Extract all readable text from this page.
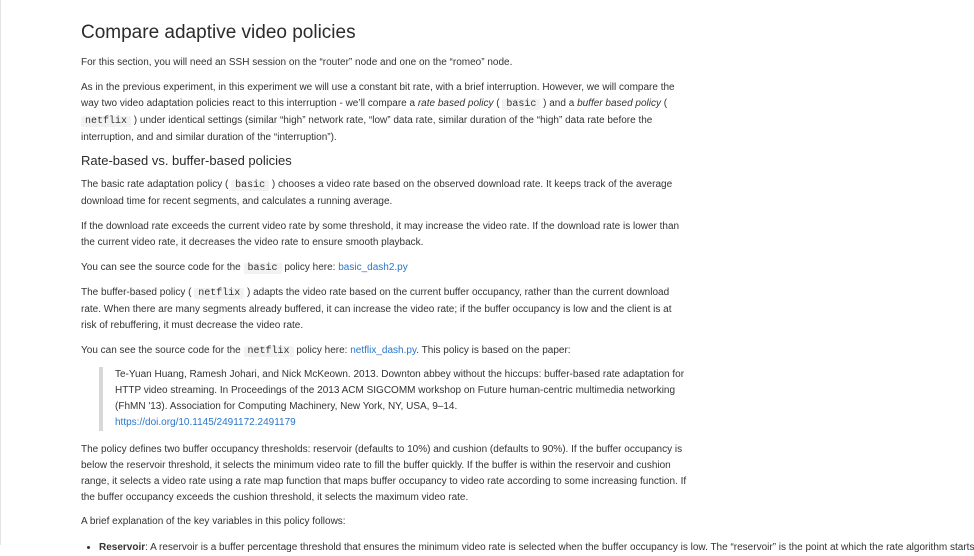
Compare adaptive video policies

For this section, you will need an SSH session on the “router” node and one on the “romeo” node.

As in the previous experiment, in this experiment we will use a constant bit rate, with a brief interruption. However, we will compare the way two video adaptation policies react to this interruption - we’ll compare a rate based policy ( basic ) and a buffer based policy ( netflix ) under identical settings (similar “high” network rate, “low” data rate, similar duration of the “high” data rate before the interruption, and and similar duration of the “interruption”).

Rate-based vs. buffer-based policies

The basic rate adaptation policy ( basic ) chooses a video rate based on the observed download rate. It keeps track of the average download time for recent segments, and calculates a running average.

If the download rate exceeds the current video rate by some threshold, it may increase the video rate. If the download rate is lower than the current video rate, it decreases the video rate to ensure smooth playback.

You can see the source code for the basic policy here: basic_dash2.py

The buffer-based policy ( netflix ) adapts the video rate based on the current buffer occupancy, rather than the current download rate. When there are many segments already buffered, it can increase the video rate; if the buffer occupancy is low and the client is at risk of rebuffering, it must decrease the video rate.

You can see the source code for the netflix policy here: netflix_dash.py. This policy is based on the paper:

Te-Yuan Huang, Ramesh Johari, and Nick McKeown. 2013. Downton abbey without the hiccups: buffer-based rate adaptation for HTTP video streaming. In Proceedings of the 2013 ACM SIGCOMM workshop on Future human-centric multimedia networking (FhMN '13). Association for Computing Machinery, New York, NY, USA, 9–14.

https://doi.org/10.1145/2491172.2491179

The policy defines two buffer occupancy thresholds: reservoir (defaults to 10%) and cushion (defaults to 90%). If the buffer occupancy is below the reservoir threshold, it selects the minimum video rate to fill the buffer quickly. If the buffer is within the reservoir and cushion range, it selects a video rate using a rate map function that maps buffer occupancy to video rate according to some increasing function. If the buffer occupancy exceeds the cushion threshold, it selects the maximum video rate.

A brief explanation of the key variables in this policy follows:

• Reservoir: A reservoir is a buffer percentage threshold that ensures the minimum video rate is selected when the buffer occupancy is low. The “reservoir” is the point at which the rate algorithm starts
